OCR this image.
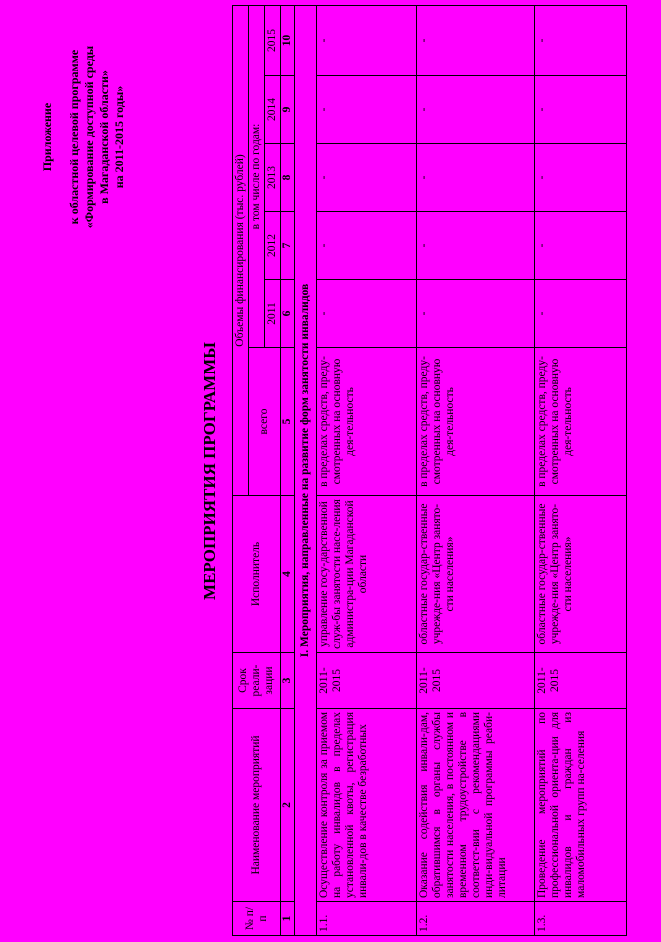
Приложение к областной целевой программе «Формирование доступной среды в Магаданской области» на 2011-2015 годы»
МЕРОПРИЯТИЯ ПРОГРАММЫ
№ п/п	Наименование мероприятий	Срок реали-зации	Исполнитель	Объемы финансирования (тыс. рублей)					
				всего	в том числе по годам:				
					2011	2012	2013	2014	2015
1	2	3	4	5	6	7	8	9	10
I. Мероприятия, направленные на развитие форм занятости инвалидов									
1.1.	Осуществление контроля за приемом на работу инвалидов в пределах установленной квоты, регистрация инвали-дов в качестве безработных	2011-2015	управление госу-дарственной служ-бы занятости насе-ления администра-ции Магаданской области	в пределах средств, преду-смотренных на основную дея-тельность	-	-	-	-	-
1.2.	Оказание содействия инвали-дам, обратившимся в органы службы занятости населения, в постоянном и временном трудоустройстве в соответст-вии с рекомендациями инди-видуальной программы реаби-литации	2011-2015	областные государ-ственные учрежде-ния «Центр занято-сти населения»	в пределах средств, преду-смотренных на основную дея-тельность	-	-	-	-	-
1.3.	Проведение мероприятий по профессиональной ориента-ции для инвалидов и граждан из маломобильных групп на-селения	2011-2015	областные государ-ственные учрежде-ния «Центр занято-сти населения»	в пределах средств, преду-смотренных на основную дея-тельность	-	-	-	-	-
